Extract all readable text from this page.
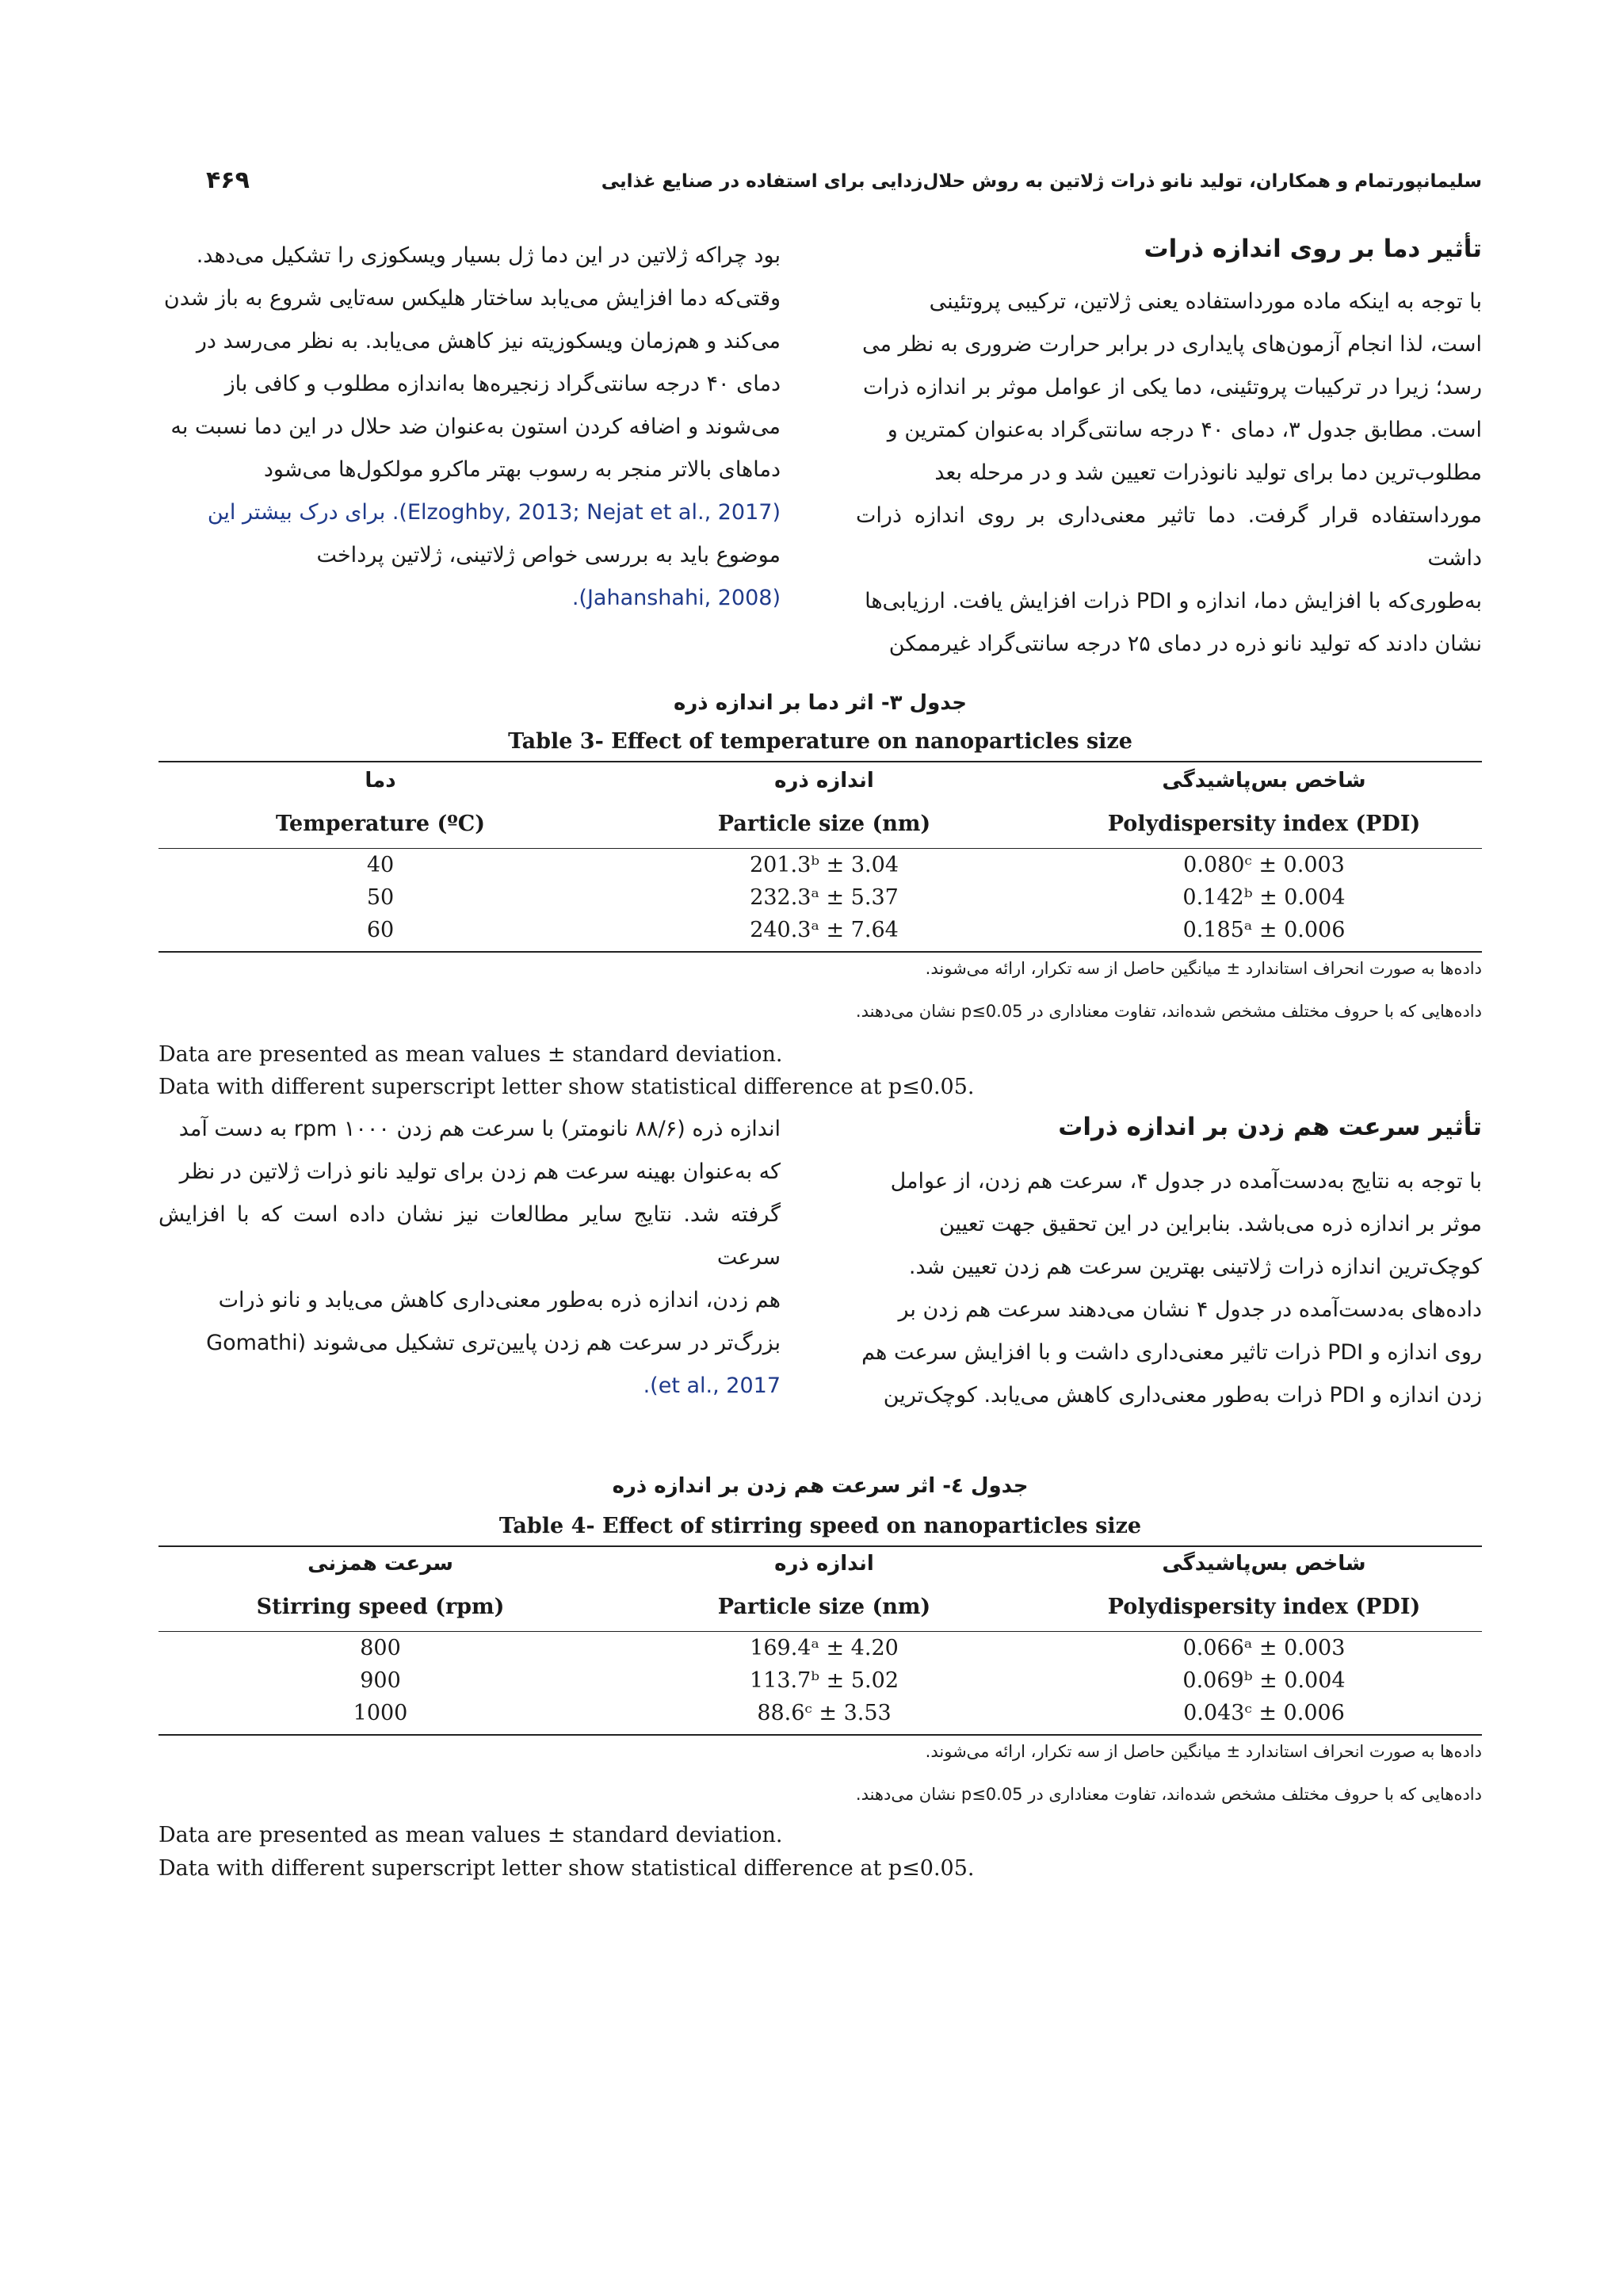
سلیمانپورتمام و همکاران، تولید نانو ذرات ژلاتین به روش حلال‌زدایی برای استفاده در صنایع غذایی
۴۶۹
تأثیر دما بر روی اندازه ذرات
با توجه به اینکه ماده مورداستفاده یعنی ژلاتین، ترکیبی پروتئینی
است، لذا انجام آزمون‌های پایداری در برابر حرارت ضروری به نظر می
رسد؛ زیرا در ترکیبات پروتئینی، دما یکی از عوامل موثر بر اندازه ذرات
است. مطابق جدول ۳، دمای ۴۰ درجه سانتی‌گراد به‌عنوان کمترین و
مطلوب‌ترین دما برای تولید نانوذرات تعیین شد و در مرحله بعد
مورداستفاده قرار گرفت. دما تاثیر معنی‌داری بر روی اندازه ذرات داشت
به‌طوری‌که با افزایش دما، اندازه و PDI ذرات افزایش یافت. ارزیابی‌ها
نشان دادند که تولید نانو ذره در دمای ۲۵ درجه سانتی‌گراد غیرممکن
بود چراکه ژلاتین در این دما ژل بسیار ویسکوزی را تشکیل می‌دهد.
وقتی‌که دما افزایش می‌یابد ساختار هلیکس سه‌تایی شروع به باز شدن
می‌کند و هم‌زمان ویسکوزیته نیز کاهش می‌یابد. به نظر می‌رسد در
دمای ۴۰ درجه سانتی‌گراد زنجیره‌ها به‌اندازه مطلوب و کافی باز
می‌شوند و اضافه کردن استون به‌عنوان ضد حلال در این دما نسبت به
دماهای بالاتر منجر به رسوب بهتر ماکرو مولکول‌ها می‌شود
(Elzoghby, 2013; Nejat et al., 2017). برای درک بیشتر این
موضوع باید به بررسی خواص ژلاتینی، ژلاتین پرداخت
(Jahanshahi, 2008).
جدول ۳- اثر دما بر اندازه ذره
Table 3- Effect of temperature on nanoparticles size
دما	اندازه ذره	شاخص بس‌پاشیدگی
Temperature (ºC)	Particle size (nm)	Polydispersity index (PDI)
40	201.3ᵇ ± 3.04	0.080ᶜ ± 0.003
50	232.3ᵃ ± 5.37	0.142ᵇ ± 0.004
60	240.3ᵃ ± 7.64	0.185ᵃ ± 0.006
داده‌ها به صورت انحراف استاندارد ± میانگین حاصل از سه تکرار، ارائه می‌شوند.
داده‌هایی که با حروف مختلف مشخص شده‌اند، تفاوت معناداری در p≤0.05 نشان می‌دهند.
Data are presented as mean values ± standard deviation.
Data with different superscript letter show statistical difference at p≤0.05.
تأثیر سرعت هم زدن بر اندازه ذرات
با توجه به نتایج به‌دست‌آمده در جدول ۴، سرعت هم زدن، از عوامل
موثر بر اندازه ذره می‌باشد. بنابراین در این تحقیق جهت تعیین
کوچک‌ترین اندازه ذرات ژلاتینی بهترین سرعت هم زدن تعیین شد.
داده‌های به‌دست‌آمده در جدول ۴ نشان می‌دهند سرعت هم زدن بر
روی اندازه و PDI ذرات تاثیر معنی‌داری داشت و با افزایش سرعت هم
زدن اندازه و PDI ذرات به‌طور معنی‌داری کاهش می‌یابد. کوچک‌ترین
اندازه ذره (۸۸/۶ نانومتر) با سرعت هم زدن rpm ۱۰۰۰ به دست آمد
که به‌عنوان بهینه سرعت هم زدن برای تولید نانو ذرات ژلاتین در نظر
گرفته شد. نتایج سایر مطالعات نیز نشان داده است که با افزایش سرعت
هم زدن، اندازه ذره به‌طور معنی‌داری کاهش می‌یابد و نانو ذرات
بزرگ‌تر در سرعت هم زدن پایین‌تری تشکیل می‌شوند (Gomathi
et al., 2017).
جدول ٤- اثر سرعت هم زدن بر اندازه ذره
Table 4- Effect of stirring speed on nanoparticles size
سرعت همزنی	اندازه ذره	شاخص بس‌پاشیدگی
Stirring speed (rpm)	Particle size (nm)	Polydispersity index (PDI)
800	169.4ᵃ ± 4.20	0.066ᵃ ± 0.003
900	113.7ᵇ ± 5.02	0.069ᵇ ± 0.004
1000	88.6ᶜ ± 3.53	0.043ᶜ ± 0.006
داده‌ها به صورت انحراف استاندارد ± میانگین حاصل از سه تکرار، ارائه می‌شوند.
داده‌هایی که با حروف مختلف مشخص شده‌اند، تفاوت معناداری در p≤0.05 نشان می‌دهند.
Data are presented as mean values ± standard deviation.
Data with different superscript letter show statistical difference at p≤0.05.
